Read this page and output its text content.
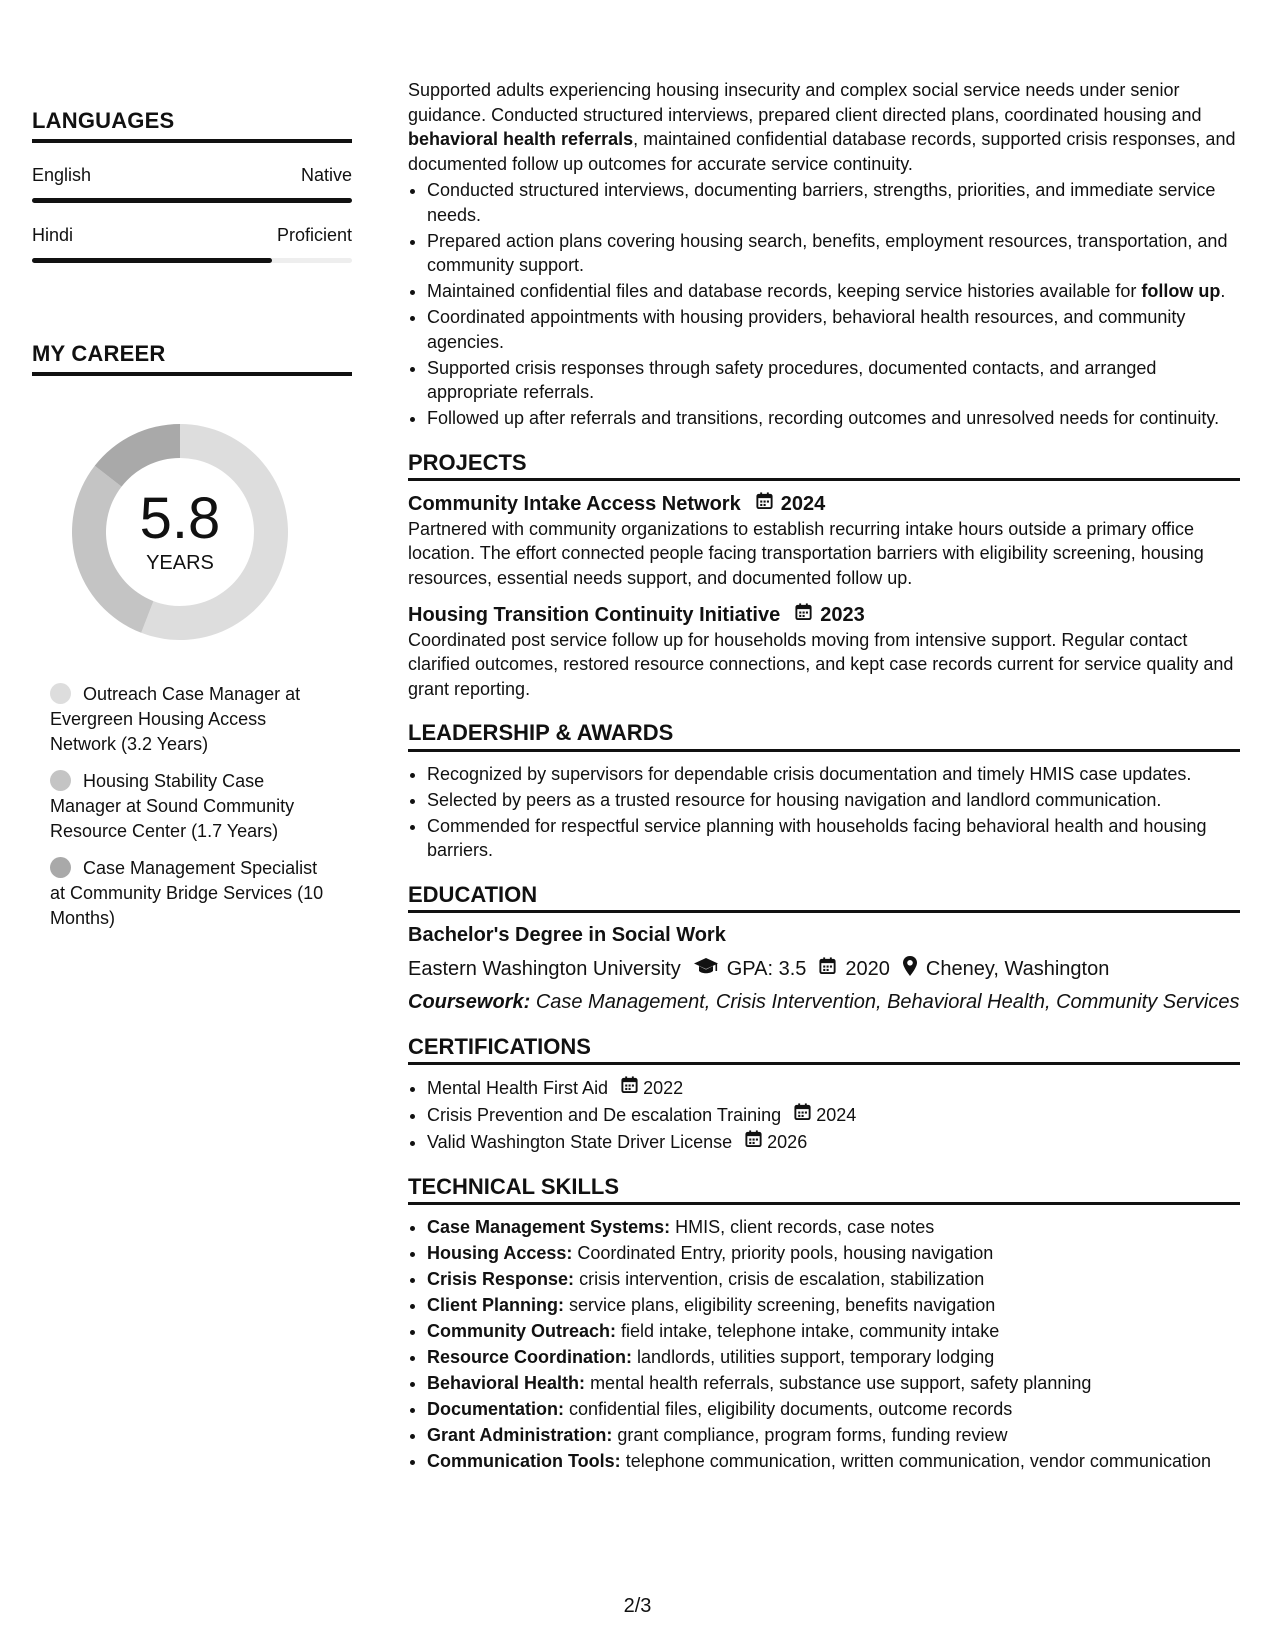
LANGUAGES
English	Native
Hindi	Proficient
MY CAREER
5.8
YEARS
Outreach Case Manager at Evergreen Housing Access Network (3.2 Years)
Housing Stability Case Manager at Sound Community Resource Center (1.7 Years)
Case Management Specialist at Community Bridge Services (10 Months)

Supported adults experiencing housing insecurity and complex social service needs under senior guidance. Conducted structured interviews, prepared client directed plans, coordinated housing and behavioral health referrals, maintained confidential database records, supported crisis responses, and documented follow up outcomes for accurate service continuity.

• Conducted structured interviews, documenting barriers, strengths, priorities, and immediate service needs.
• Prepared action plans covering housing search, benefits, employment resources, transportation, and community support.
• Maintained confidential files and database records, keeping service histories available for follow up.
• Coordinated appointments with housing providers, behavioral health resources, and community agencies.
• Supported crisis responses through safety procedures, documented contacts, and arranged appropriate referrals.
• Followed up after referrals and transitions, recording outcomes and unresolved needs for continuity.
PROJECTS
Community Intake Access Network 2024

Partnered with community organizations to establish recurring intake hours outside a primary office location. The effort connected people facing transportation barriers with eligibility screening, housing resources, essential needs support, and documented follow up.

Housing Transition Continuity Initiative 2023

Coordinated post service follow up for households moving from intensive support. Regular contact clarified outcomes, restored resource connections, and kept case records current for service quality and grant reporting.

LEADERSHIP & AWARDS
• Recognized by supervisors for dependable crisis documentation and timely HMIS case updates.
• Selected by peers as a trusted resource for housing navigation and landlord communication.
• Commended for respectful service planning with households facing behavioral health and housing barriers.
EDUCATION
Bachelor's Degree in Social Work
Eastern Washington University GPA: 3.5 2020 Cheney, Washington
Coursework: Case Management, Crisis Intervention, Behavioral Health, Community Services
CERTIFICATIONS
• Mental Health First Aid 2022
• Crisis Prevention and De escalation Training 2024
• Valid Washington State Driver License 2026
TECHNICAL SKILLS
• Case Management Systems: HMIS, client records, case notes
• Housing Access: Coordinated Entry, priority pools, housing navigation
• Crisis Response: crisis intervention, crisis de escalation, stabilization
• Client Planning: service plans, eligibility screening, benefits navigation
• Community Outreach: field intake, telephone intake, community intake
• Resource Coordination: landlords, utilities support, temporary lodging
• Behavioral Health: mental health referrals, substance use support, safety planning
• Documentation: confidential files, eligibility documents, outcome records
• Grant Administration: grant compliance, program forms, funding review
• Communication Tools: telephone communication, written communication, vendor communication
2/3
